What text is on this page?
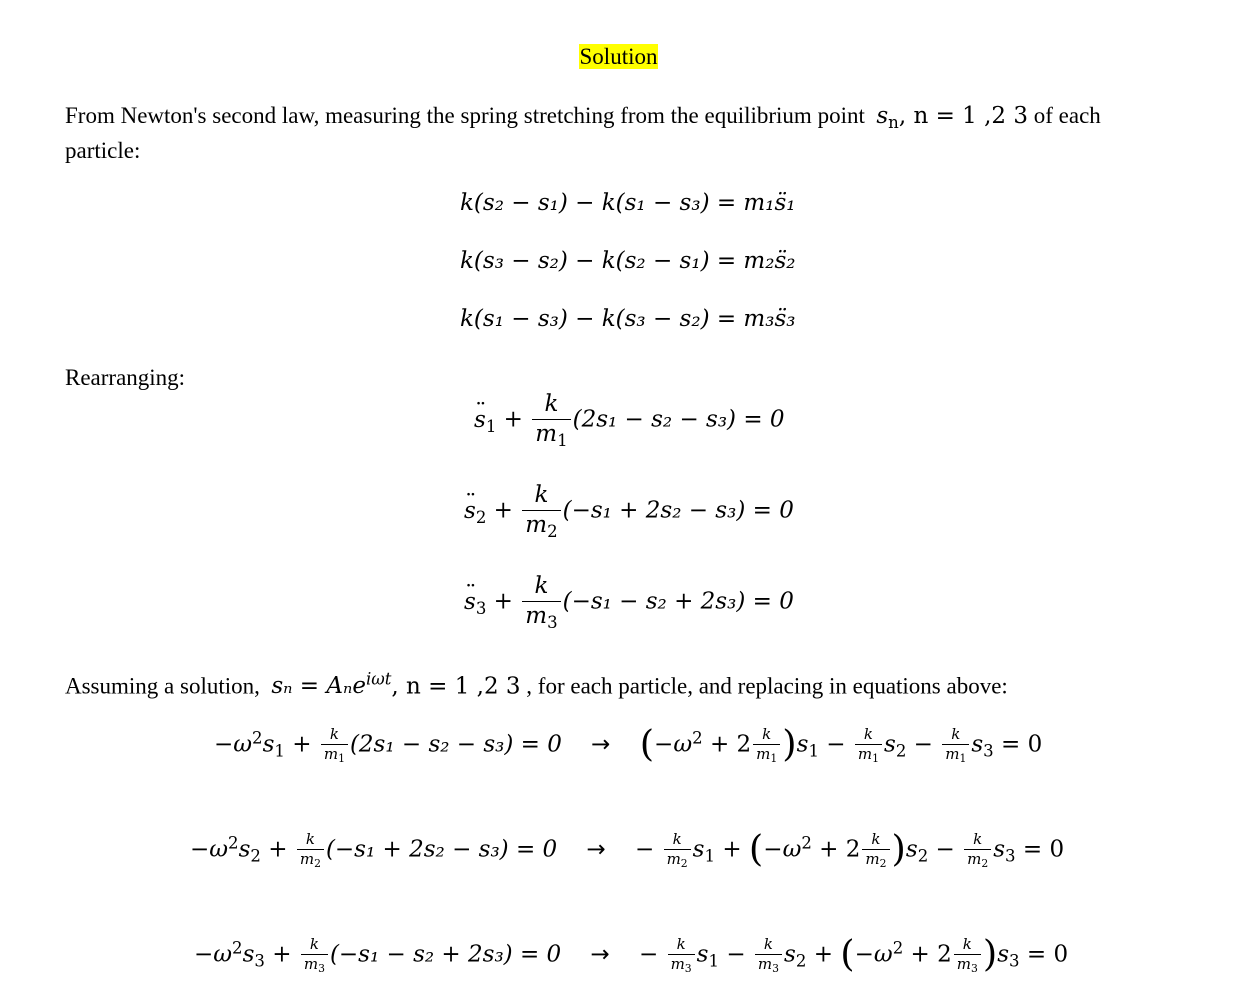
Solution
From Newton's second law, measuring the spring stretching from the equilibrium point $s_n$, n = 1 ,2 3 of each particle:
k(s₂ − s₁) − k(s₁ − s₃) = m₁s̈₁
k(s₃ − s₂) − k(s₂ − s₁) = m₂s̈₂
k(s₁ − s₃) − k(s₃ − s₂) = m₃s̈₃
Rearranging:
¨ $s_1 + \frac{k}{m_1} (2s_1 - s_2 - s_3) = 0$
¨ $s_2 + \frac{k}{m_2} (-s_1 + 2s_2 - s_3) = 0$
¨ $s_3 + \frac{k}{m_3} (-s_1 - s_2 + 2s_3) = 0$
Assuming a solution, sₙ = Aₙe$^{i\omega t}$, n = 1 ,2 3 , for each particle, and replacing in equations above:
$-\omega^2s_1 + \frac{k}{m_1} (2s_1 - s_2 - s_3) = 0 \to (-\omega^2 + 2 \frac{k}{m_1} )s_1 - \frac{k}{m_1} s_2 - \frac{k}{m_1} s_3 = 0$
$-\omega^2s_2 + \frac{k}{m_2} (-s_1 + 2s_2 - s_3) = 0$ → − $\frac{k}{m_2} s_1 + (-\omega^2 + 2 \frac{k}{m_2} )s_2 - \frac{k}{m_2} s_3 = 0$
$-\omega^2s_3 + \frac{k}{m_3} (-s_1 - s_2 + 2s_3) = 0$ → − $\frac{k}{m_3} s_1 - \frac{k}{m_3} s_2 + (-\omega^2 + 2 \frac{k}{m_3} )s_3 = 0$
